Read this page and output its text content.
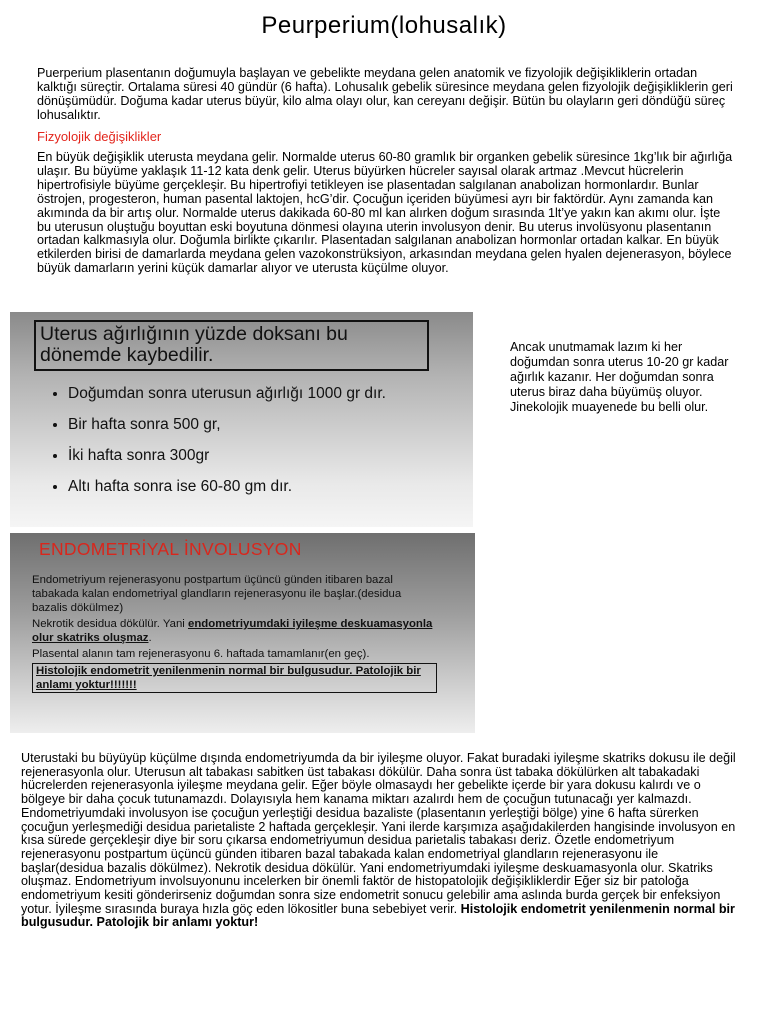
Peurperium(lohusalık)

Puerperium plasentanın doğumuyla başlayan ve gebelikte meydana gelen anatomik ve fizyolojik değişikliklerin ortadan kalktığı süreçtir. Ortalama süresi 40 gündür (6 hafta). Lohusalık gebelik süresince meydana gelen fizyolojik değişikliklerin geri dönüşümüdür. Doğuma kadar uterus büyür, kilo alma olayı olur, kan cereyanı değişir. Bütün bu olayların geri döndüğü süreç lohusalıktır.

Fizyolojik değişiklikler

En büyük değişiklik uterusta meydana gelir. Normalde uterus 60-80 gramlık bir organken gebelik süresince 1kg’lık bir ağırlığa ulaşır. Bu büyüme yaklaşık 11-12 kata denk gelir. Uterus büyürken hücreler sayısal olarak artmaz .Mevcut hücrelerin hipertrofisiyle büyüme gerçekleşir. Bu hipertrofiyi tetikleyen ise plasentadan salgılanan anabolizan hormonlardır. Bunlar östrojen, progesteron, human pasental laktojen, hcG’dir. Çocuğun içeriden büyümesi ayrı bir faktördür. Aynı zamanda kan akımında da bir artış olur. Normalde uterus dakikada 60-80 ml kan alırken doğum sırasında 1lt’ye yakın kan akımı olur. İşte bu uterusun oluştuğu boyuttan eski boyutuna dönmesi olayına uterin involusyon denir. Bu uterus involüsyonu plasentanın ortadan kalkmasıyla olur. Doğumla birlikte çıkarılır. Plasentadan salgılanan anabolizan hormonlar ortadan kalkar. En büyük etkilerden birisi de damarlarda meydana gelen vazokonstrüksiyon, arkasından meydana gelen hyalen dejenerasyon, böylece büyük damarların yerini küçük damarlar alıyor ve uterusta küçülme oluyor.

Uterus ağırlığının yüzde doksanı bu dönemde kaybedilir.
• Doğumdan sonra uterusun ağırlığı 1000 gr dır.
• Bir hafta sonra 500 gr,
• İki hafta sonra 300gr
• Altı hafta sonra ise 60-80 gm dır.

Ancak unutmamak lazım ki her doğumdan sonra uterus 10-20 gr kadar ağırlık kazanır. Her doğumdan sonra uterus biraz daha büyümüş oluyor. Jinekolojik muayenede bu belli olur.

ENDOMETRİYAL İNVOLUSYON

Endometriyum rejenerasyonu postpartum üçüncü günden itibaren bazal tabakada kalan endometriyal glandların rejenerasyonu ile başlar.(desidua bazalis dökülmez)

Nekrotik desidua dökülür. Yani endometriyumdaki iyileşme deskuamasyonla olur skatriks oluşmaz.

Plasental alanın tam rejenerasyonu 6. haftada tamamlanır(en geç).

Histolojik endometrit yenilenmenin normal bir bulgusudur. Patolojik bir anlamı yoktur!!!!!!!

Uterustaki bu büyüyüp küçülme dışında endometriyumda da bir iyileşme oluyor. Fakat buradaki iyileşme skatriks dokusu ile değil rejenerasyonla olur. Uterusun alt tabakası sabitken üst tabakası dökülür. Daha sonra üst tabaka dökülürken alt tabakadaki hücrelerden rejenerasyonla iyileşme meydana gelir. Eğer böyle olmasaydı her gebelikte içerde bir yara dokusu kalırdı ve o bölgeye bir daha çocuk tutunamazdı. Dolayısıyla hem kanama miktarı azalırdı hem de çocuğun tutunacağı yer kalmazdı. Endometriyumdaki involusyon ise çocuğun yerleştiği desidua bazaliste (plasentanın yerleştiği bölge) yine 6 hafta sürerken çocuğun yerleşmediği desidua parietaliste 2 haftada gerçekleşir. Yani ilerde karşımıza aşağıdakilerden hangisinde involusyon en kısa sürede gerçekleşir diye bir soru çıkarsa endometriyumun desidua parietalis tabakası deriz. Özetle endometriyum rejenerasyonu postpartum üçüncü günden itibaren bazal tabakada kalan endometriyal glandların rejenerasyonu ile başlar(desidua bazalis dökülmez). Nekrotik desidua dökülür. Yani endometriyumdaki iyileşme deskuamasyonla olur. Skatriks oluşmaz. Endometriyum involsuyonunu incelerken bir önemli faktör de histopatolojik değişikliklerdir Eğer siz bir patoloğa endometriyum kesiti gönderirseniz doğumdan sonra size endometrit sonucu gelebilir ama aslında burda gerçek bir enfeksiyon yotur. İyileşme sırasında buraya hızla göç eden lökositler buna sebebiyet verir. Histolojik endometrit yenilenmenin normal bir bulgusudur. Patolojik bir anlamı yoktur!
